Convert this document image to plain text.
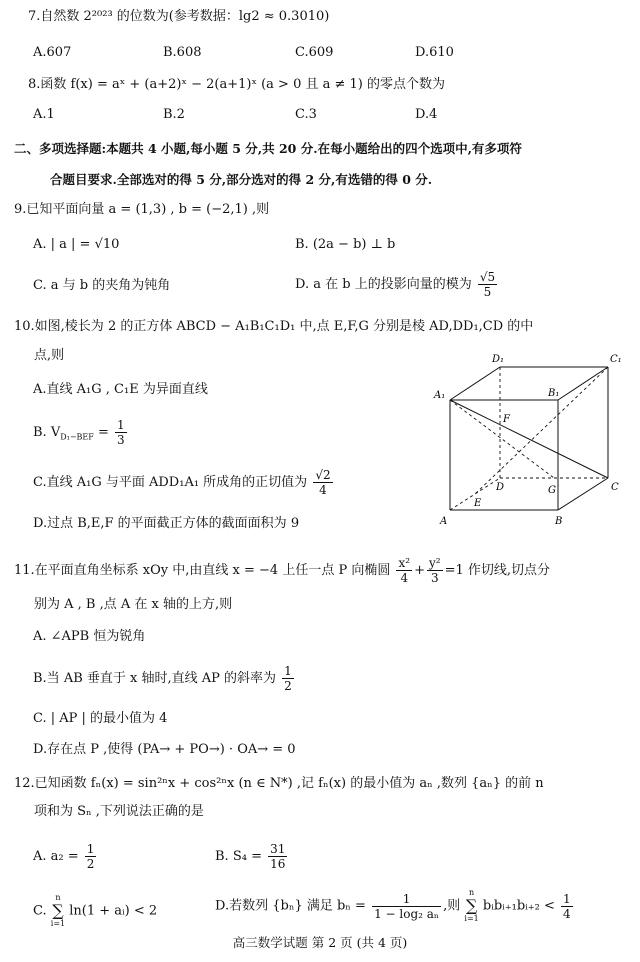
7.自然数 2²⁰²³ 的位数为(参考数据：lg2 ≈ 0.3010)
A.607	B.608	C.609	D.610
8.函数 f(x) = aˣ + (a+2)ˣ − 2(a+1)ˣ (a > 0 且 a ≠ 1) 的零点个数为
A.1	B.2	C.3	D.4
二、多项选择题:本题共 4 小题,每小题 5 分,共 20 分.在每小题给出的四个选项中,有多项符
合题目要求.全部选对的得 5 分,部分选对的得 2 分,有选错的得 0 分.
9.已知平面向量 a = (1,3) , b = (−2,1) ,则
A. | a | = √10	B. (2a − b) ⊥ b
C. a 与 b 的夹角为钝角	D. a 在 b 上的投影向量的模为 $\frac{√5}{5}$
10.如图,棱长为 2 的正方体 ABCD − A₁B₁C₁D₁ 中,点 E,F,G 分别是棱 AD,DD₁,CD 的中
点,则
A.直线 A₁G , C₁E 为异面直线
B. $V_{D_1-BEF} = \frac{1}{3}$
C.直线 A₁G 与平面 ADD₁A₁ 所成角的正切值为 $\frac{√2}{4}$
D.过点 B,E,F 的平面截正方体的截面面积为 9
D₁	C₁
A₁	B₁
F
D	G	C
E
A	B
11.在平面直角坐标系 xOy 中,由直线 x = −4 上任一点 P 向椭圆 $\frac{\text{x²}}{4} + \frac{\text{y²}}{3} =1$ 作切线,切点分
别为 A , B ,点 A 在 x 轴的上方,则
A. ∠APB 恒为锐角
B.当 AB 垂直于 x 轴时,直线 AP 的斜率为 $\frac{1}{2}$
C. | AP | 的最小值为 4
D.存在点 P ,使得 (PA→ + PO→) · OA→ = 0
12.已知函数 fₙ(x) = sin²ⁿx + cos²ⁿx (n ∈ N*) ,记 fₙ(x) 的最小值为 aₙ ,数列 {aₙ} 的前 n
项和为 Sₙ ,下列说法正确的是
A. $a_2 = \frac{1}{2}$	B. $S_4 = \frac{31}{16}$
C.
n
∑
i=1
ln(1 + aᵢ) < 2	D.若数列 {bₙ} 满足 $b_n = \frac{1}{\text{1 − log₂ aₙ}}$ ,则
n
∑
i=1
bᵢbᵢ₊₁bᵢ₊₂ < $\frac{1}{4}$
高三数学试题 第 2 页 (共 4 页)
